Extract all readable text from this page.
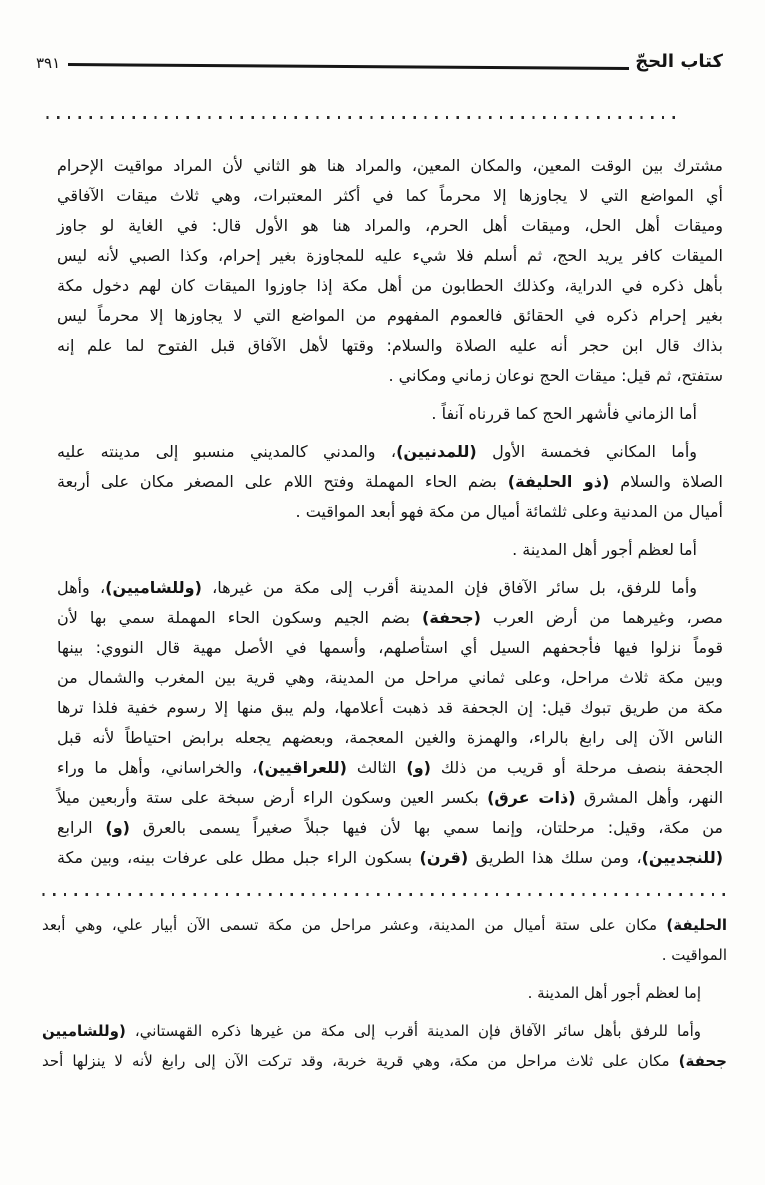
كتاب الحجّ
٣٩١
مشترك بين الوقت المعين، والمكان المعين، والمراد هنا هو الثاني لأن المراد مواقيت الإحرام
أي المواضع التي لا يجاوزها إلا محرماً كما في أكثر المعتبرات، وهي ثلاث ميقات الآفاقي
وميقات أهل الحل، وميقات أهل الحرم، والمراد هنا هو الأول قال: في الغاية لو جاوز
الميقات كافر يريد الحج، ثم أسلم فلا شيء عليه للمجاوزة بغير إحرام، وكذا الصبي لأنه ليس
بأهل ذكره في الدراية، وكذلك الحطابون من أهل مكة إذا جاوزوا الميقات كان لهم دخول مكة
بغير إحرام ذكره في الحقائق فالعموم المفهوم من المواضع التي لا يجاوزها إلا محرماً ليس
بذاك قال ابن حجر أنه عليه الصلاة والسلام: وقتها لأهل الآفاق قبل الفتوح لما علم إنه
ستفتح، ثم قيل: ميقات الحج نوعان زماني ومكاني .
أما الزماني فأشهر الحج كما قررناه آنفاً .
وأما المكاني فخمسة الأول (للمدنيين)، والمدني كالمديني منسبو إلى مدينته عليه
الصلاة والسلام (ذو الحليفة) بضم الحاء المهملة وفتح اللام على المصغر مكان على أربعة
أميال من المدنية وعلى ثلثمائة أميال من مكة فهو أبعد المواقيت .
أما لعظم أجور أهل المدينة .
وأما للرفق، بل سائر الآفاق فإن المدينة أقرب إلى مكة من غيرها، (وللشاميين)، وأهل
مصر، وغيرهما من أرض العرب (جحفة) بضم الجيم وسكون الحاء المهملة سمي بها لأن
قوماً نزلوا فيها فأجحفهم السيل أي استأصلهم، وأسمها في الأصل مهية قال النووي: بينها
وبين مكة ثلاث مراحل، وعلى ثماني مراحل من المدينة، وهي قرية بين المغرب والشمال من
مكة من طريق تبوك قيل: إن الجحفة قد ذهبت أعلامها، ولم يبق منها إلا رسوم خفية فلذا ترها
الناس الآن إلى رابغ بالراء، والهمزة والغين المعجمة، وبعضهم يجعله برابض احتياطاً لأنه قبل
الجحفة بنصف مرحلة أو قريب من ذلك (و) الثالث (للعراقيين)، والخراساني، وأهل ما وراء
النهر، وأهل المشرق (ذات عرق) بكسر العين وسكون الراء أرض سبخة على ستة وأربعين ميلاً
من مكة، وقيل: مرحلتان، وإنما سمي بها لأن فيها جبلاً صغيراً يسمى بالعرق (و) الرابع
(للنجديين)، ومن سلك هذا الطريق (قرن) بسكون الراء جبل مطل على عرفات بينه، وبين مكة
الحليفة) مكان على ستة أميال من المدينة، وعشر مراحل من مكة تسمى الآن أبيار علي، وهي أبعد
المواقيت .
إما لعظم أجور أهل المدينة .
وأما للرفق بأهل سائر الآفاق فإن المدينة أقرب إلى مكة من غيرها ذكره القهستاني، (وللشاميين
جحفة) مكان على ثلاث مراحل من مكة، وهي قرية خربة، وقد تركت الآن إلى رابغ لأنه لا ينزلها أحد
